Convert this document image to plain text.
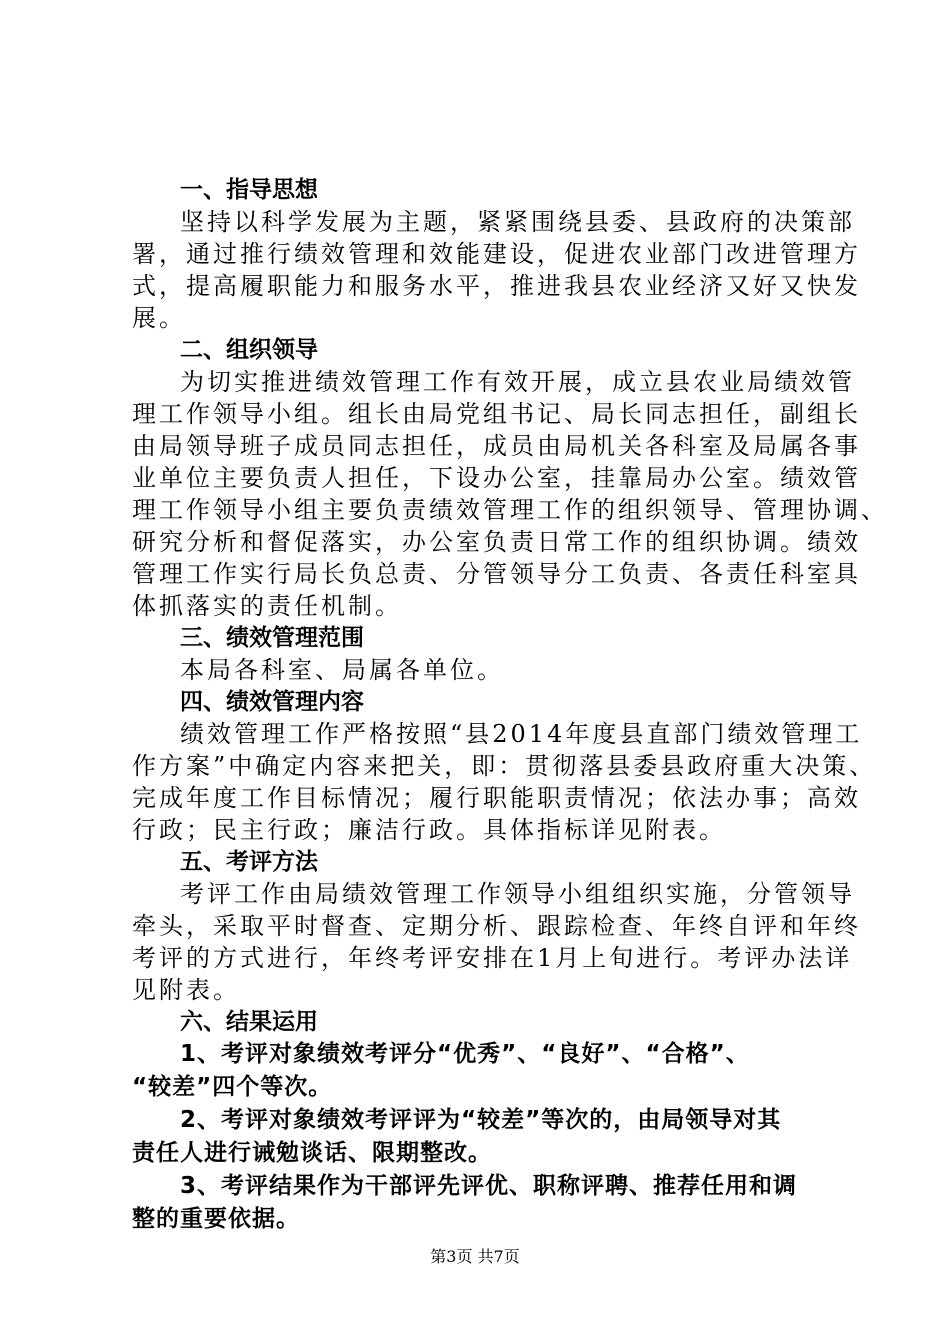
一、指导思想
坚持以科学发展为主题，紧紧围绕县委、县政府的决策部
署，通过推行绩效管理和效能建设，促进农业部门改进管理方
式，提高履职能力和服务水平，推进我县农业经济又好又快发
展。
二、组织领导
为切实推进绩效管理工作有效开展，成立县农业局绩效管
理工作领导小组。组长由局党组书记、局长同志担任，副组长
由局领导班子成员同志担任，成员由局机关各科室及局属各事
业单位主要负责人担任，下设办公室，挂靠局办公室。绩效管
理工作领导小组主要负责绩效管理工作的组织领导、管理协调、
研究分析和督促落实，办公室负责日常工作的组织协调。绩效
管理工作实行局长负总责、分管领导分工负责、各责任科室具
体抓落实的责任机制。
三、绩效管理范围
本局各科室、局属各单位。
四、绩效管理内容
绩效管理工作严格按照“县2014年度县直部门绩效管理工
作方案”中确定内容来把关，即：贯彻落县委县政府重大决策、
完成年度工作目标情况；履行职能职责情况；依法办事；高效
行政；民主行政；廉洁行政。具体指标详见附表。
五、考评方法
考评工作由局绩效管理工作领导小组组织实施，分管领导
牵头，采取平时督查、定期分析、跟踪检查、年终自评和年终
考评的方式进行，年终考评安排在1月上旬进行。考评办法详
见附表。
六、结果运用
1、考评对象绩效考评分“优秀”、“良好”、“合格”、
“较差”四个等次。
2、考评对象绩效考评评为“较差”等次的，由局领导对其
责任人进行诫勉谈话、限期整改。
3、考评结果作为干部评先评优、职称评聘、推荐任用和调
整的重要依据。
第3页 共7页
